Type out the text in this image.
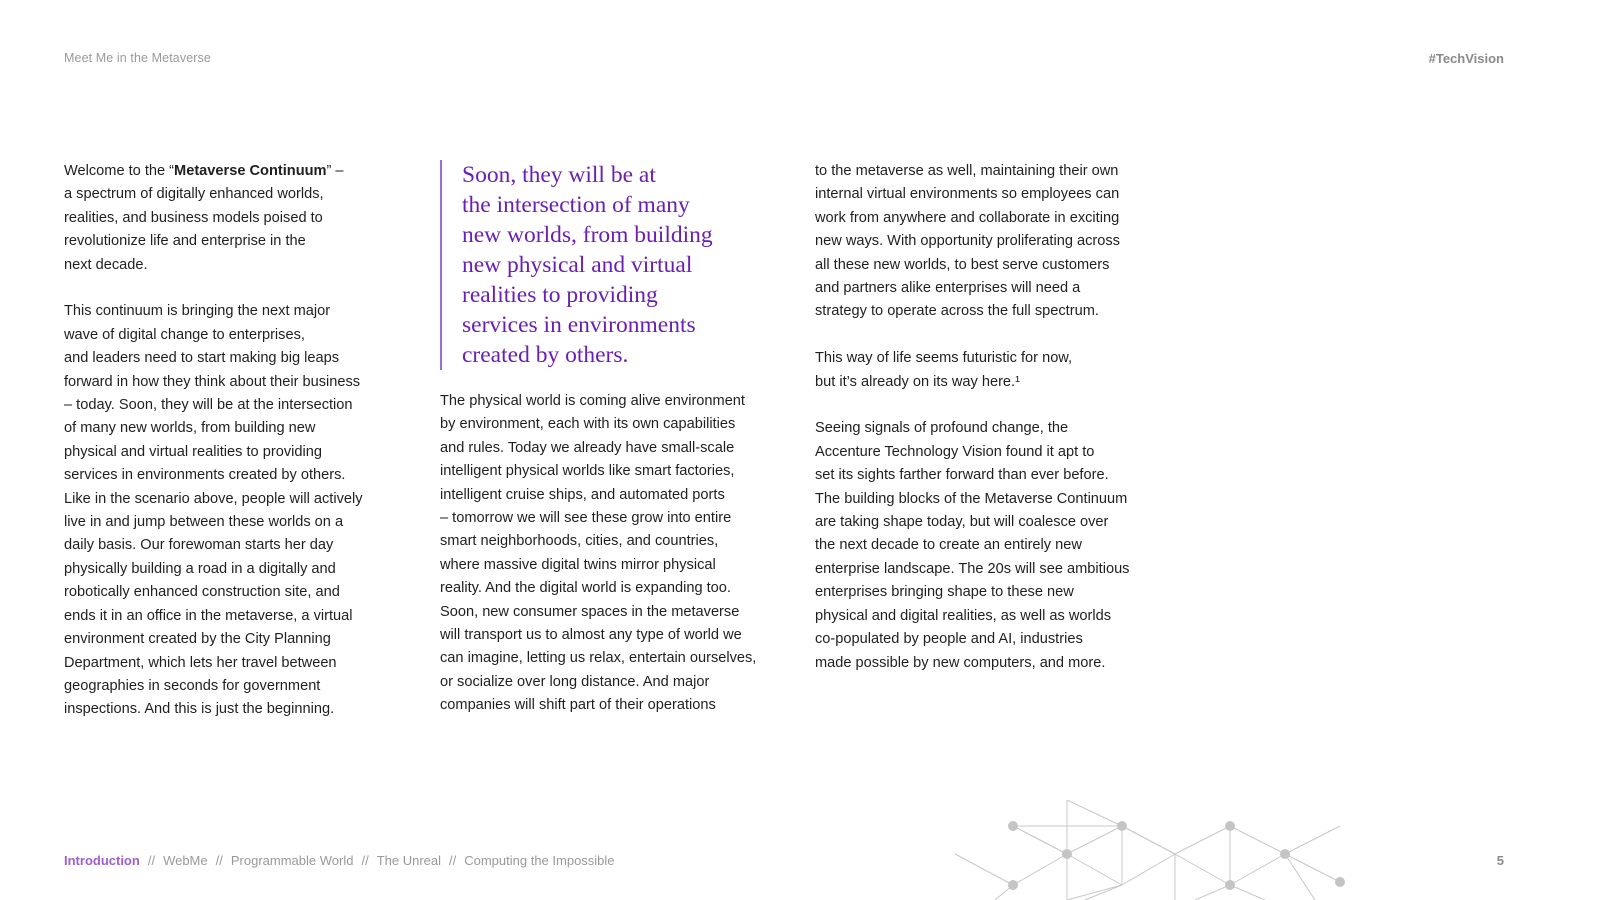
Meet Me in the Metaverse	#TechVision

Welcome to the “Metaverse Continuum” –
a spectrum of digitally enhanced worlds,
realities, and business models poised to
revolutionize life and enterprise in the
next decade.

This continuum is bringing the next major
wave of digital change to enterprises,
and leaders need to start making big leaps
forward in how they think about their business
– today. Soon, they will be at the intersection
of many new worlds, from building new
physical and virtual realities to providing
services in environments created by others.
Like in the scenario above, people will actively
live in and jump between these worlds on a
daily basis. Our forewoman starts her day
physically building a road in a digitally and
robotically enhanced construction site, and
ends it in an office in the metaverse, a virtual
environment created by the City Planning
Department, which lets her travel between
geographies in seconds for government
inspections. And this is just the beginning.

Soon, they will be at
the intersection of many
new worlds, from building
new physical and virtual
realities to providing
services in environments
created by others.
The physical world is coming alive environment
by environment, each with its own capabilities
and rules. Today we already have small-scale
intelligent physical worlds like smart factories,
intelligent cruise ships, and automated ports
– tomorrow we will see these grow into entire
smart neighborhoods, cities, and countries,
where massive digital twins mirror physical
reality. And the digital world is expanding too.
Soon, new consumer spaces in the metaverse
will transport us to almost any type of world we
can imagine, letting us relax, entertain ourselves,
or socialize over long distance. And major
companies will shift part of their operations

to the metaverse as well, maintaining their own
internal virtual environments so employees can
work from anywhere and collaborate in exciting
new ways. With opportunity proliferating across
all these new worlds, to best serve customers
and partners alike enterprises will need a
strategy to operate across the full spectrum.

This way of life seems futuristic for now,
but it’s already on its way here.¹

Seeing signals of profound change, the
Accenture Technology Vision found it apt to
set its sights farther forward than ever before.
The building blocks of the Metaverse Continuum
are taking shape today, but will coalesce over
the next decade to create an entirely new
enterprise landscape. The 20s will see ambitious
enterprises bringing shape to these new
physical and digital realities, as well as worlds
co-populated by people and AI, industries
made possible by new computers, and more.

Introduction // WebMe // Programmable World // The Unreal // Computing the Impossible	5
